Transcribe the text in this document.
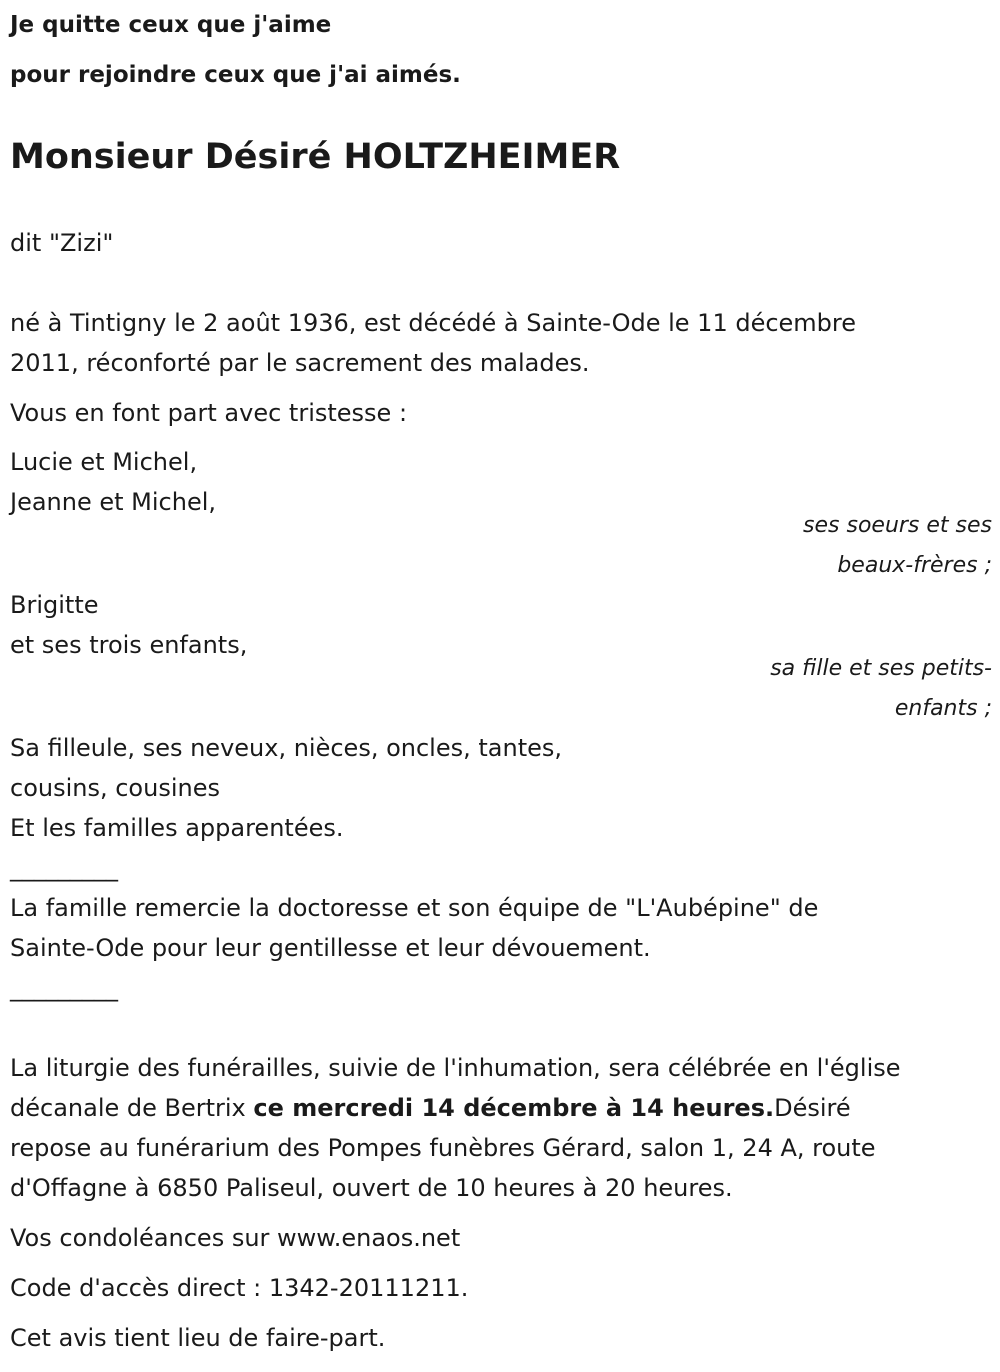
Je quitte ceux que j'aime
pour rejoindre ceux que j'ai aimés.
Monsieur Désiré HOLTZHEIMER
dit "Zizi"
né à Tintigny le 2 août 1936, est décédé à Sainte-Ode le 11 décembre
2011, réconforté par le sacrement des malades.
Vous en font part avec tristesse :
Lucie et Michel,
Jeanne et Michel,
ses soeurs et ses
beaux-frères ;
Brigitte
et ses trois enfants,
sa fille et ses petits-
enfants ;
Sa filleule, ses neveux, nièces, oncles, tantes,
cousins, cousines
Et les familles apparentées.
_________
La famille remercie la doctoresse et son équipe de "L'Aubépine" de
Sainte-Ode pour leur gentillesse et leur dévouement.
_________
La liturgie des funérailles, suivie de l'inhumation, sera célébrée en l'église
décanale de Bertrix ce mercredi 14 décembre à 14 heures.Désiré
repose au funérarium des Pompes funèbres Gérard, salon 1, 24 A, route
d'Offagne à 6850 Paliseul, ouvert de 10 heures à 20 heures.
Vos condoléances sur www.enaos.net
Code d'accès direct : 1342-20111211.
Cet avis tient lieu de faire-part.
